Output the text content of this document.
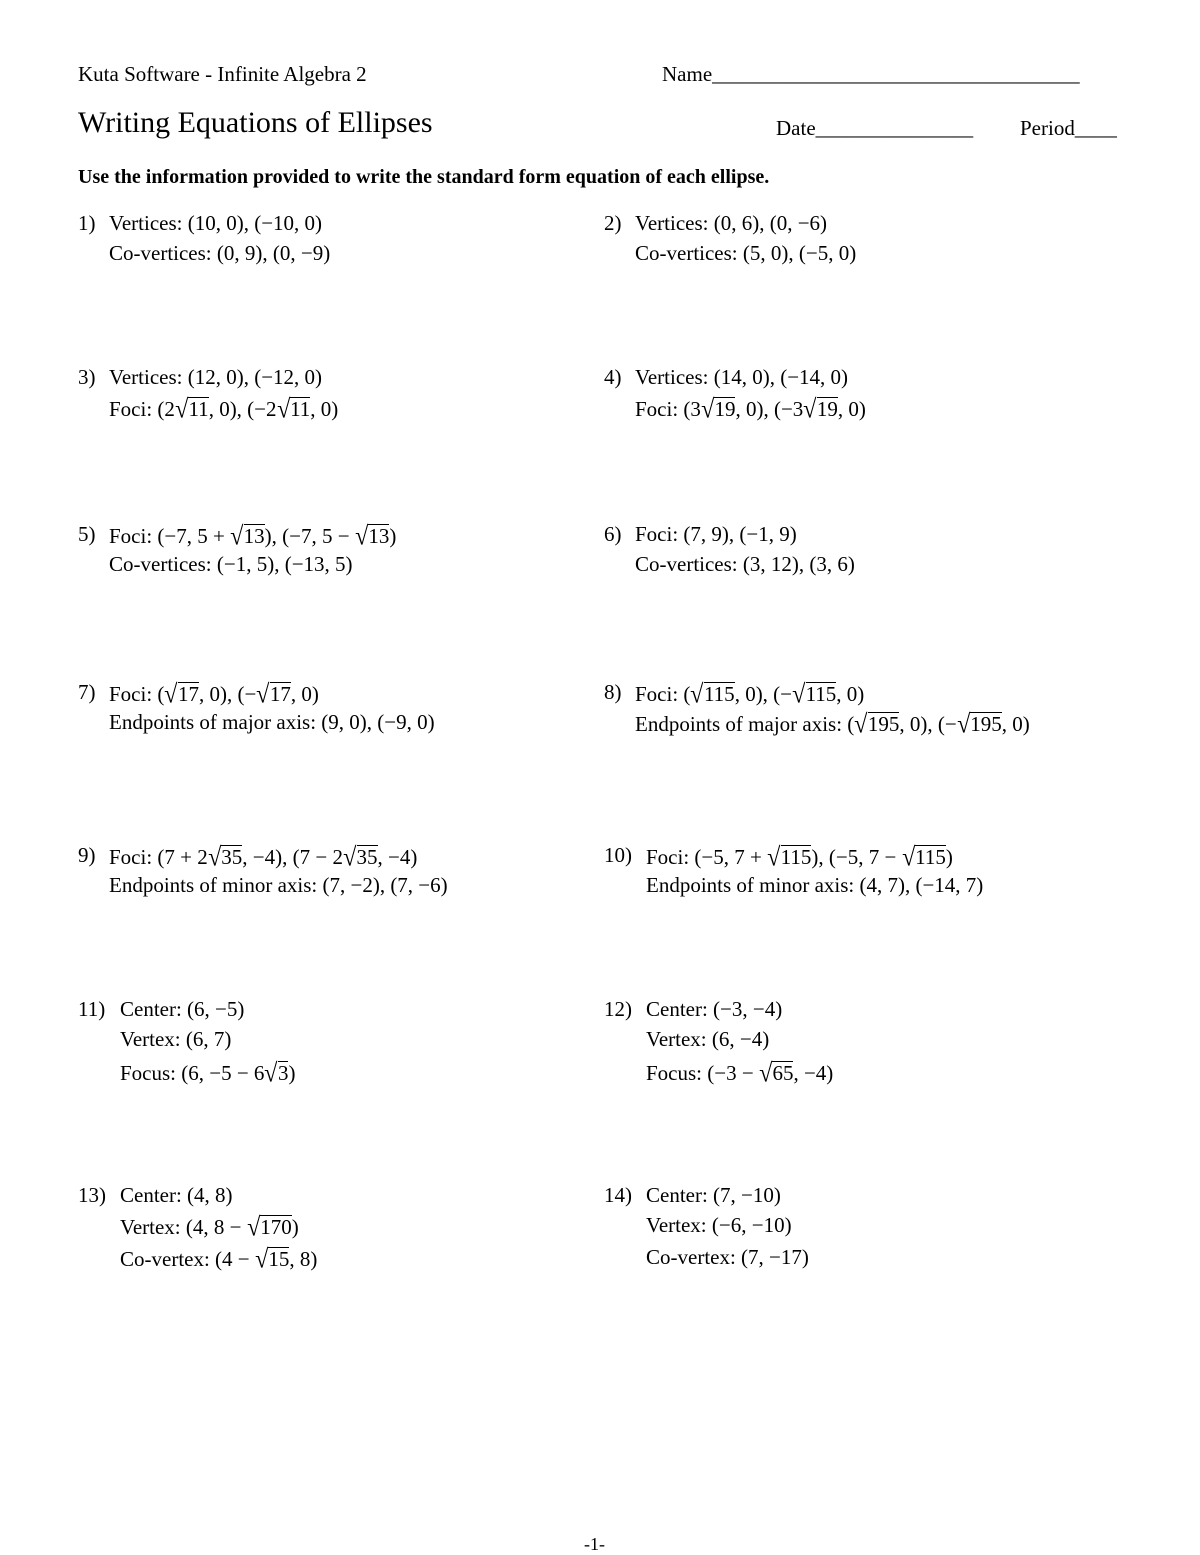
Kuta Software - Infinite Algebra 2	Name___________________________________
Writing Equations of Ellipses	Date_______________ Period____
Use the information provided to write the standard form equation of each ellipse.
1) Vertices: (10, 0), (−10, 0)
Co-vertices: (0, 9), (0, −9)
2) Vertices: (0, 6), (0, −6)
Co-vertices: (5, 0), (−5, 0)
3) Vertices: (12, 0), (−12, 0)
Foci: (2√11, 0), (−2√11, 0)
4) Vertices: (14, 0), (−14, 0)
Foci: (3√19, 0), (−3√19, 0)
5) Foci: (−7, 5 + √13), (−7, 5 − √13)
Co-vertices: (−1, 5), (−13, 5)
6) Foci: (7, 9), (−1, 9)
Co-vertices: (3, 12), (3, 6)
7) Foci: (√17, 0), (−√17, 0)
Endpoints of major axis: (9, 0), (−9, 0)
8) Foci: (√115, 0), (−√115, 0)
Endpoints of major axis: (√195, 0), (−√195, 0)
9) Foci: (7 + 2√35, −4), (7 − 2√35, −4)
Endpoints of minor axis: (7, −2), (7, −6)
10) Foci: (−5, 7 + √115), (−5, 7 − √115)
Endpoints of minor axis: (4, 7), (−14, 7)
11) Center: (6, −5)
Vertex: (6, 7)
Focus: (6, −5 − 6√3)
12) Center: (−3, −4)
Vertex: (6, −4)
Focus: (−3 − √65, −4)
13) Center: (4, 8)
Vertex: (4, 8 − √170)
Co-vertex: (4 − √15, 8)
14) Center: (7, −10)
Vertex: (−6, −10)
Co-vertex: (7, −17)
-1-
